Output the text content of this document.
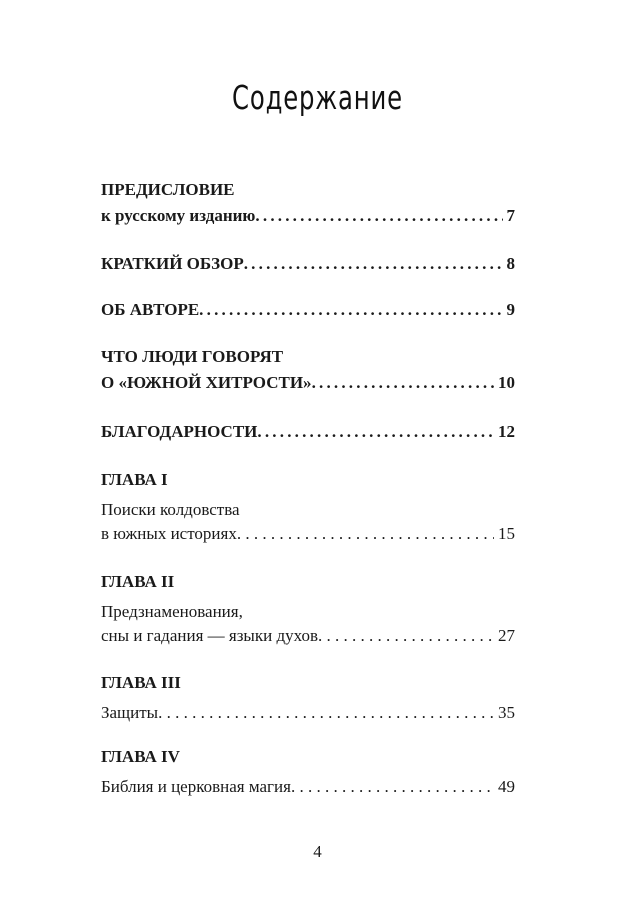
Содержание
ПРЕДИСЛОВИЕ
к русскому изданию .....	7
КРАТКИЙ ОБЗОР .....	8
ОБ АВТОРЕ .....	9
ЧТО ЛЮДИ ГОВОРЯТ
О «ЮЖНОЙ ХИТРОСТИ» .....	10
БЛАГОДАРНОСТИ .....	12
ГЛАВА I
Поиски колдовства
в южных историях . . .	15
ГЛАВА II
Предзнаменования,
сны и гадания — языки духов . . .	27
ГЛАВА III
Защиты . . .	35
ГЛАВА IV
Библия и церковная магия . . .	49
4
